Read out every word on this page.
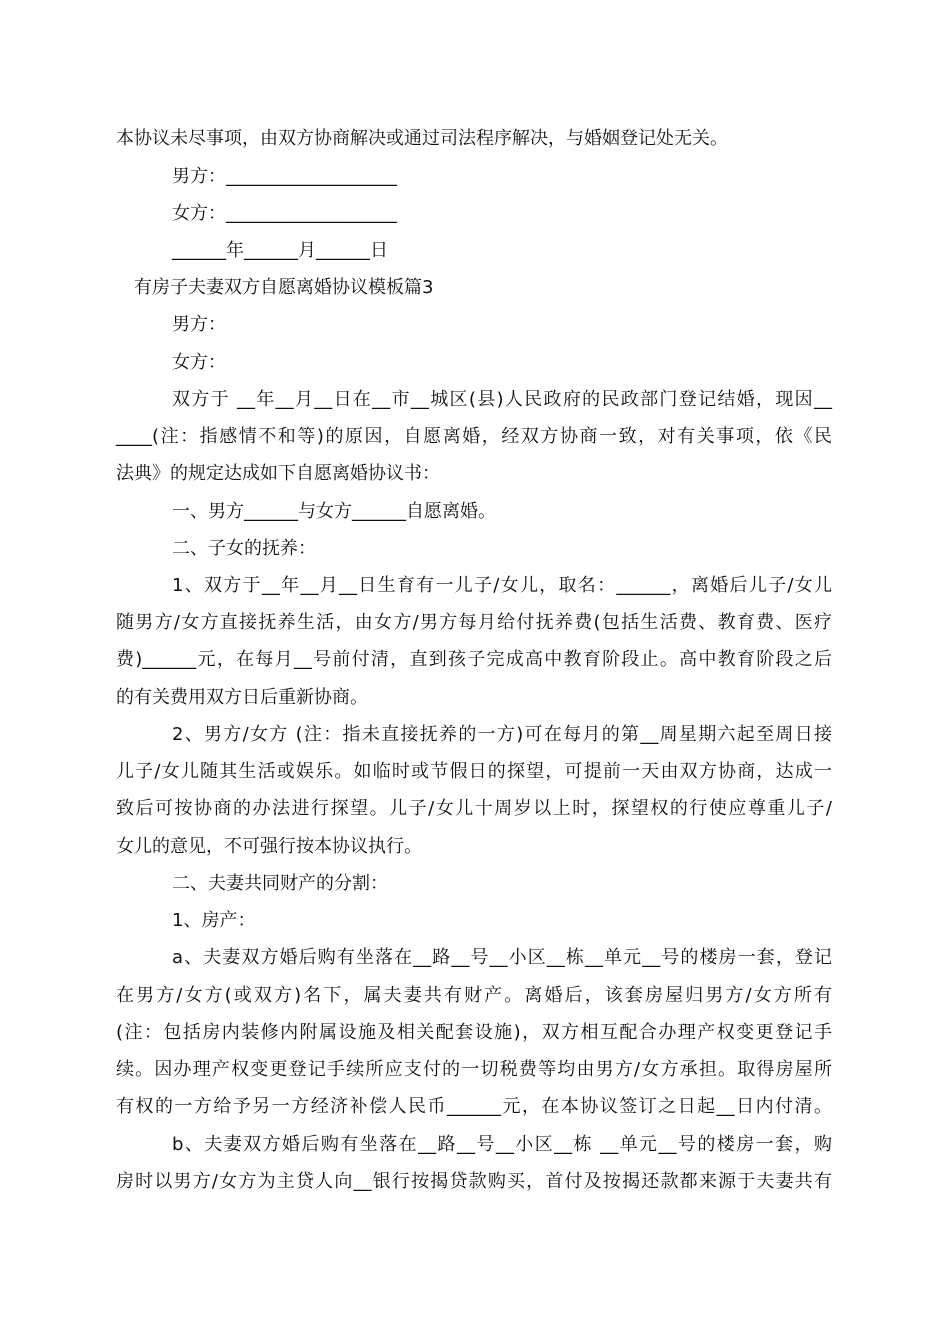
本协议未尽事项，由双方协商解决或通过司法程序解决，与婚姻登记处无关。
男方：___________________
女方：___________________
______年______月______日
有房子夫妻双方自愿离婚协议模板篇3
男方：
女方：
双方于 __年__月__日在__市__城区(县)人民政府的民政部门登记结婚，现因__
____(注：指感情不和等)的原因，自愿离婚，经双方协商一致，对有关事项，依《民
法典》的规定达成如下自愿离婚协议书：
一、男方______与女方______自愿离婚。
二、子女的抚养：
1、双方于__年__月__日生育有一儿子/女儿，取名：______，离婚后儿子/女儿
随男方/女方直接抚养生活，由女方/男方每月给付抚养费(包括生活费、教育费、医疗
费)______元，在每月__号前付清，直到孩子完成高中教育阶段止。高中教育阶段之后
的有关费用双方日后重新协商。
2、男方/女方 (注：指未直接抚养的一方)可在每月的第__周星期六起至周日接
儿子/女儿随其生活或娱乐。如临时或节假日的探望，可提前一天由双方协商，达成一
致后可按协商的办法进行探望。儿子/女儿十周岁以上时，探望权的行使应尊重儿子/
女儿的意见，不可强行按本协议执行。
二、夫妻共同财产的分割：
1、房产：
a、夫妻双方婚后购有坐落在__路__号__小区__栋__单元__号的楼房一套，登记
在男方/女方(或双方)名下，属夫妻共有财产。离婚后，该套房屋归男方/女方所有
(注：包括房内装修内附属设施及相关配套设施)，双方相互配合办理产权变更登记手
续。因办理产权变更登记手续所应支付的一切税费等均由男方/女方承担。取得房屋所
有权的一方给予另一方经济补偿人民币______元，在本协议签订之日起__日内付清。
b、夫妻双方婚后购有坐落在__路__号__小区__栋 __单元__号的楼房一套，购
房时以男方/女方为主贷人向__银行按揭贷款购买，首付及按揭还款都来源于夫妻共有
